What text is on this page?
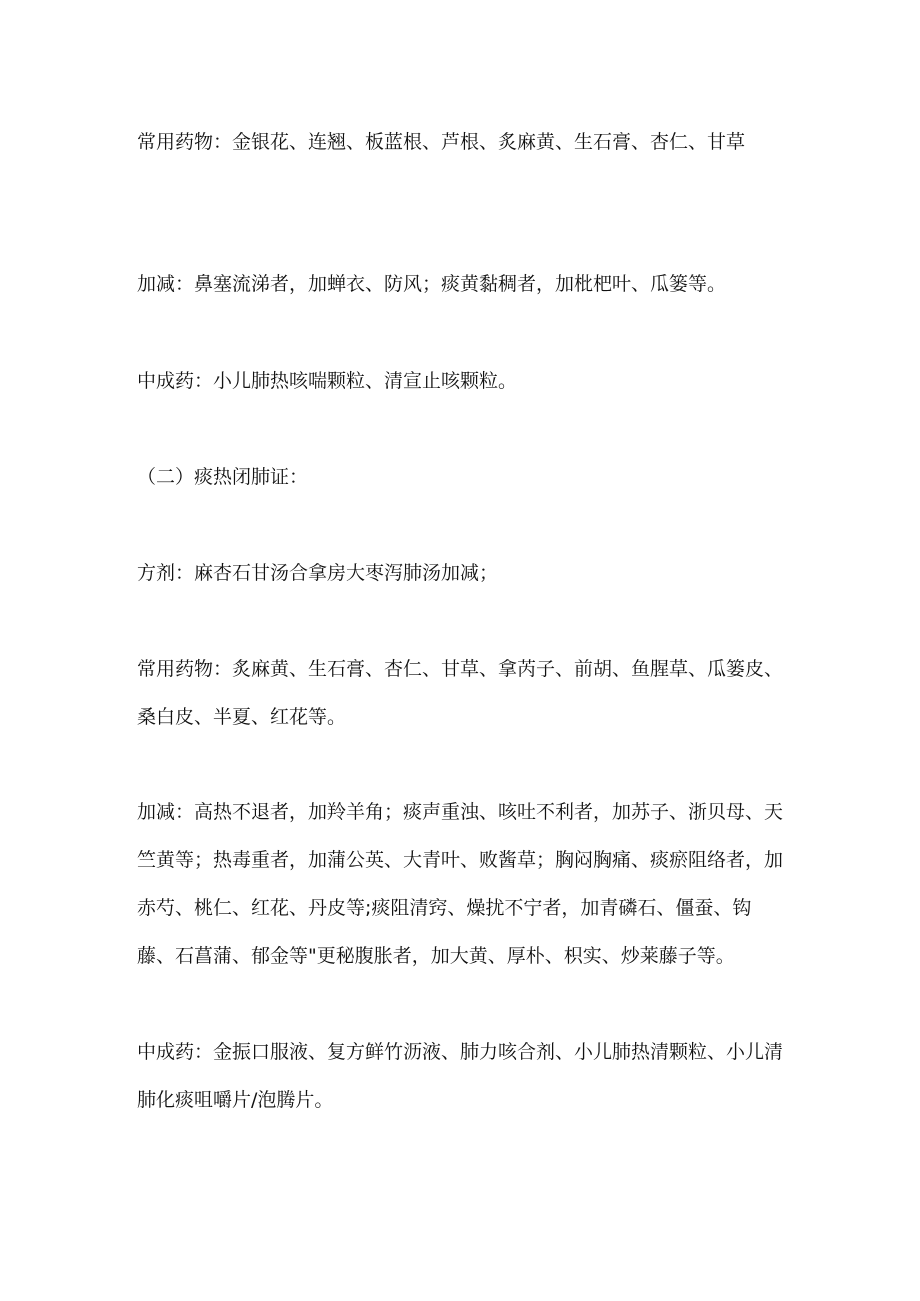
常用药物：金银花、连翘、板蓝根、芦根、炙麻黄、生石膏、杏仁、甘草

加减：鼻塞流涕者，加蝉衣、防风；痰黄黏稠者，加枇杷叶、瓜篓等。

中成药：小儿肺热咳喘颗粒、清宣止咳颗粒。

（二）痰热闭肺证：

方剂：麻杏石甘汤合拿房大枣泻肺汤加减；

常用药物：炙麻黄、生石膏、杏仁、甘草、拿芮子、前胡、鱼腥草、瓜篓皮、桑白皮、半夏、红花等。

加减：高热不退者，加羚羊角；痰声重浊、咳吐不利者，加苏子、浙贝母、天竺黄等；热毒重者，加蒲公英、大青叶、败酱草；胸闷胸痛、痰瘀阻络者，加赤芍、桃仁、红花、丹皮等;痰阻清窍、燥扰不宁者，加青磷石、僵蚕、钩藤、石菖蒲、郁金等"更秘腹胀者，加大黄、厚朴、枳实、炒莱藤子等。

中成药：金振口服液、复方鲜竹沥液、肺力咳合剂、小儿肺热清颗粒、小儿清肺化痰咀嚼片/泡腾片。
